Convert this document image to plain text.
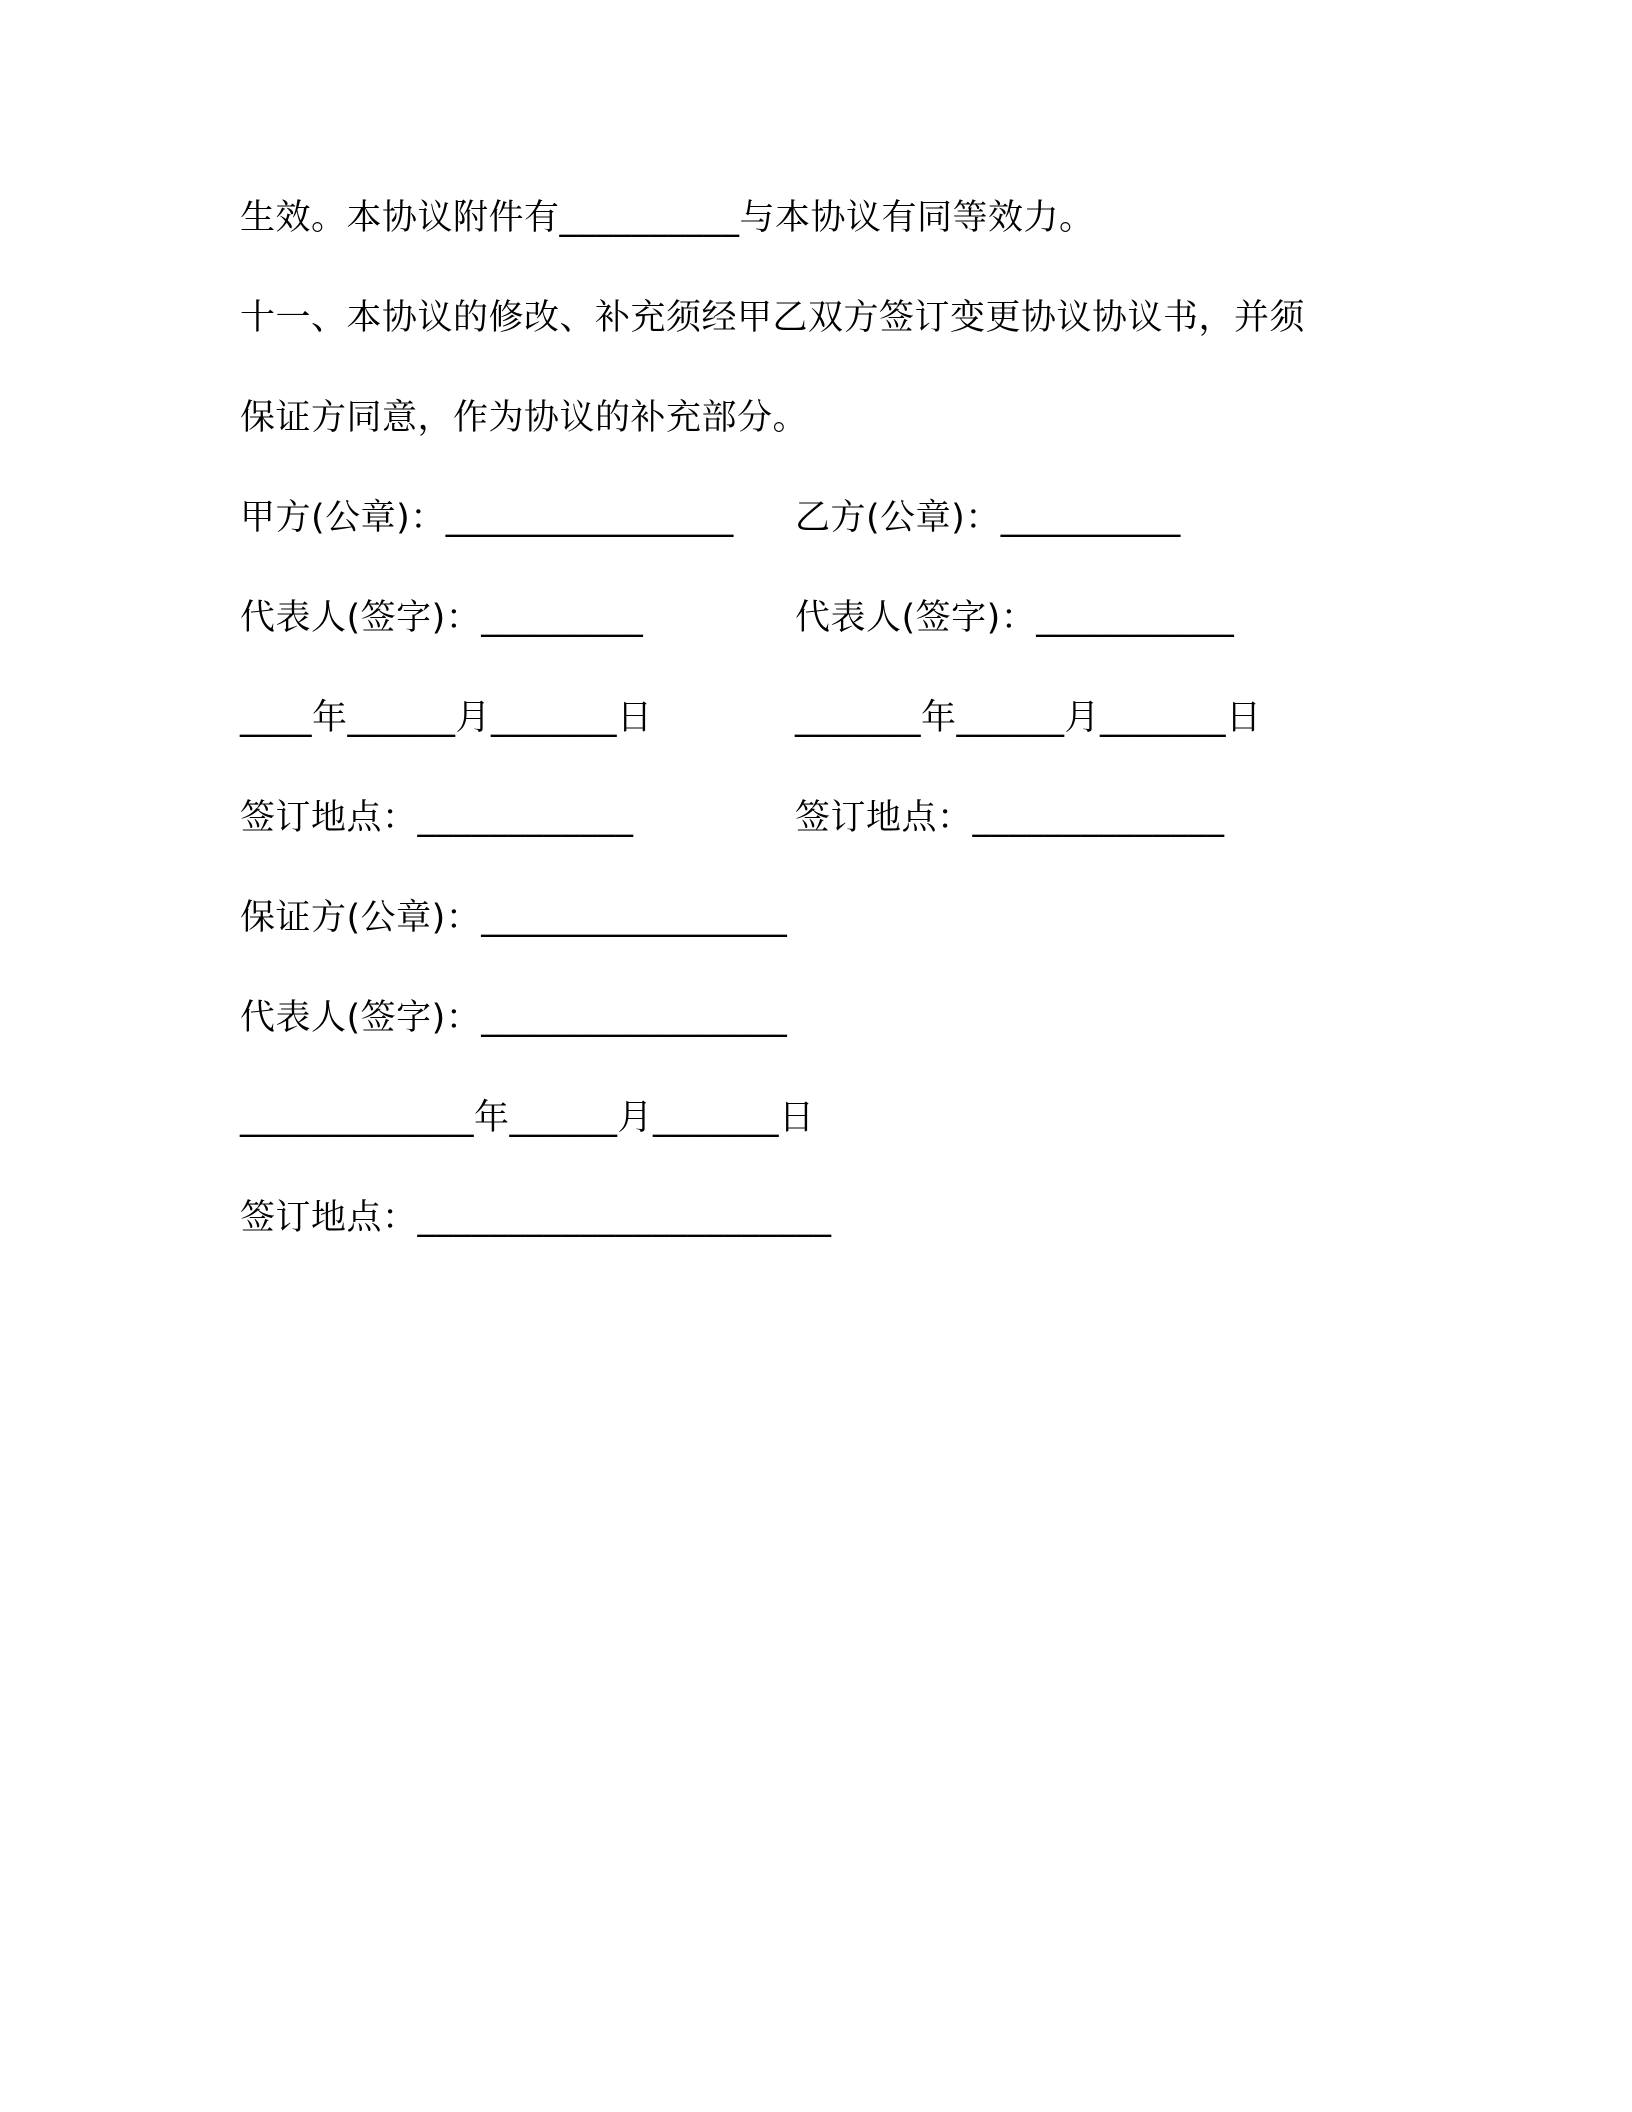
生效。本协议附件有__________与本协议有同等效力。
十一、本协议的修改、补充须经甲乙双方签订变更协议协议书，并须
保证方同意，作为协议的补充部分。
甲方(公章)：________________ 乙方(公章)：__________
代表人(签字)：_________	代表人(签字)：___________
____年______月_______日	_______年______月_______日
签订地点：____________	签订地点：______________
保证方(公章)：_________________
代表人(签字)：_________________
_____________年______月_______日
签订地点：_______________________
